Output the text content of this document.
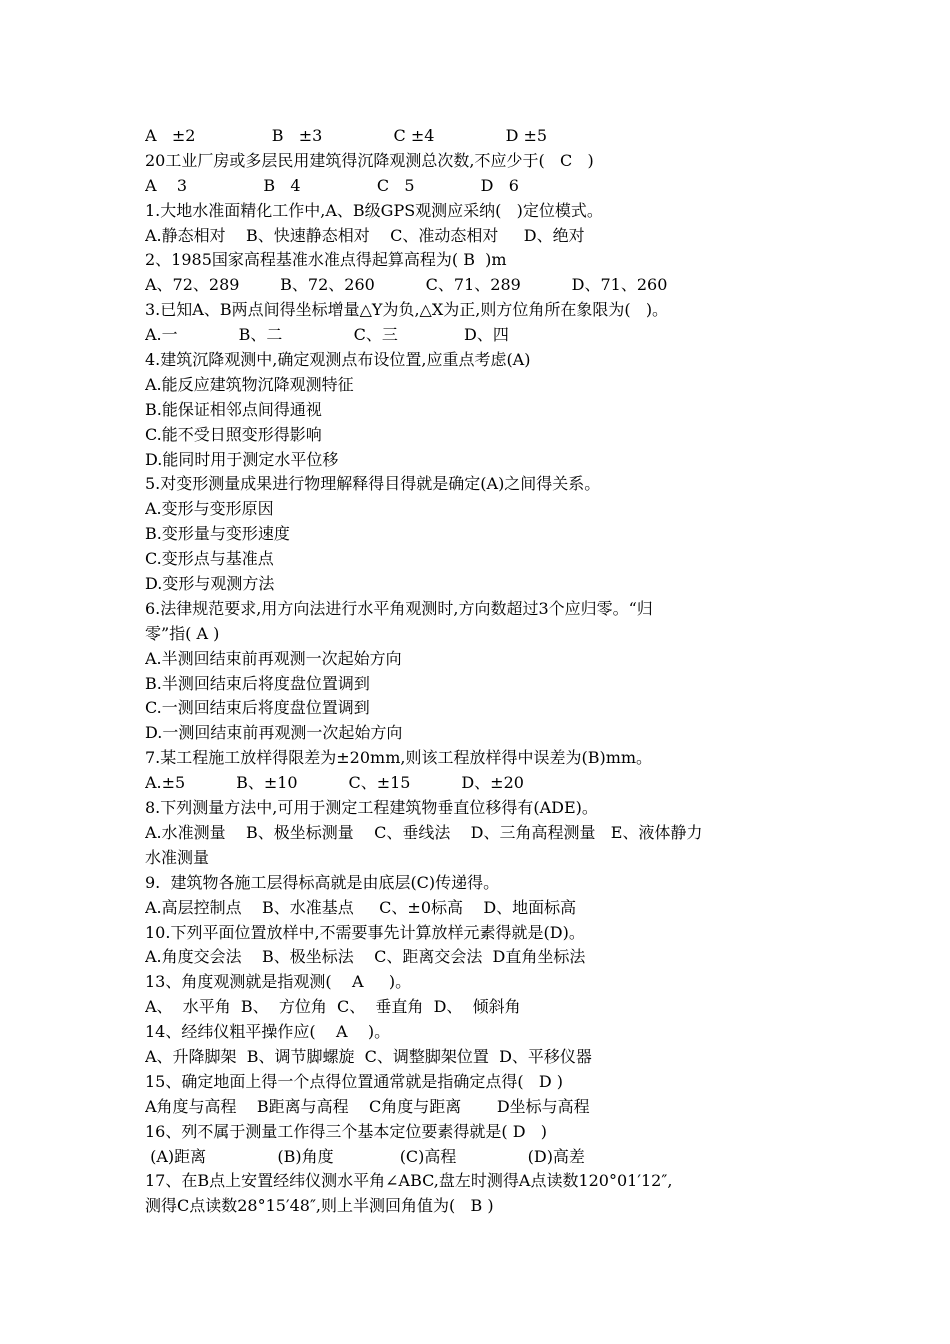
A   ±2               B   ±3              C ±4              D ±5
20工业厂房或多层民用建筑得沉降观测总次数,不应少于(   C   )
A    3               B   4               C   5             D   6
1.大地水准面精化工作中,A、B级GPS观测应采纳(   )定位模式。
A.静态相对    B、快速静态相对    C、准动态相对     D、绝对
2、1985国家高程基准水准点得起算高程为( B  )m
A、72、289        B、72、260          C、71、289          D、71、260
3.已知A、B两点间得坐标增量△Y为负,△X为正,则方位角所在象限为(   )。
A.一            B、二              C、三             D、四
4.建筑沉降观测中,确定观测点布设位置,应重点考虑(A)
A.能反应建筑物沉降观测特征
B.能保证相邻点间得通视
C.能不受日照变形得影响
D.能同时用于测定水平位移
5.对变形测量成果进行物理解释得目得就是确定(A)之间得关系。
A.变形与变形原因
B.变形量与变形速度
C.变形点与基准点
D.变形与观测方法
6.法律规范要求,用方向法进行水平角观测时,方向数超过3个应归零。“归
零”指( A )
A.半测回结束前再观测一次起始方向
B.半测回结束后将度盘位置调到
C.一测回结束后将度盘位置调到
D.一测回结束前再观测一次起始方向
7.某工程施工放样得限差为±20mm,则该工程放样得中误差为(B)mm。
A.±5          B、±10          C、±15          D、±20
8.下列测量方法中,可用于测定工程建筑物垂直位移得有(ADE)。
A.水准测量    B、极坐标测量    C、垂线法    D、三角高程测量   E、液体静力
水准测量
9.  建筑物各施工层得标高就是由底层(C)传递得。
A.高层控制点    B、水准基点     C、±0标高    D、地面标高
10.下列平面位置放样中,不需要事先计算放样元素得就是(D)。
A.角度交会法    B、极坐标法    C、距离交会法  D直角坐标法
13、角度观测就是指观测(    A     )。
A、  水平角  B、  方位角  C、  垂直角  D、  倾斜角
14、经纬仪粗平操作应(    A    )。
A、升降脚架  B、调节脚螺旋  C、调整脚架位置  D、平移仪器
15、确定地面上得一个点得位置通常就是指确定点得(   D )
A角度与高程    B距离与高程    C角度与距离       D坐标与高程
16、列不属于测量工作得三个基本定位要素得就是( D   )
(A)距离              (B)角度             (C)高程              (D)高差
17、在B点上安置经纬仪测水平角∠ABC,盘左时测得A点读数120°01′12″,
测得C点读数28°15′48″,则上半测回角值为(   B )
